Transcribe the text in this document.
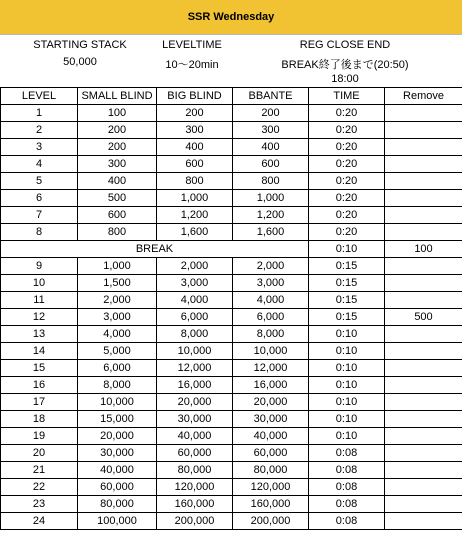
SSR Wednesday
STARTING STACK
50,000
LEVELTIME
10〜20min
REG CLOSE END
BREAK終了後まで(20:50)
18:00
LEVEL	SMALL BLIND	BIG BLIND	BBANTE	TIME	Remove
1	100	200	200	0:20	
2	200	300	300	0:20	
3	200	400	400	0:20	
4	300	600	600	0:20	
5	400	800	800	0:20	
6	500	1,000	1,000	0:20	
7	600	1,200	1,200	0:20	
8	800	1,600	1,600	0:20	
BREAK				0:10	100
9	1,000	2,000	2,000	0:15	
10	1,500	3,000	3,000	0:15	
11	2,000	4,000	4,000	0:15	
12	3,000	6,000	6,000	0:15	500
13	4,000	8,000	8,000	0:10	
14	5,000	10,000	10,000	0:10	
15	6,000	12,000	12,000	0:10	
16	8,000	16,000	16,000	0:10	
17	10,000	20,000	20,000	0:10	
18	15,000	30,000	30,000	0:10	
19	20,000	40,000	40,000	0:10	
20	30,000	60,000	60,000	0:08	
21	40,000	80,000	80,000	0:08	
22	60,000	120,000	120,000	0:08	
23	80,000	160,000	160,000	0:08	
24	100,000	200,000	200,000	0:08	
